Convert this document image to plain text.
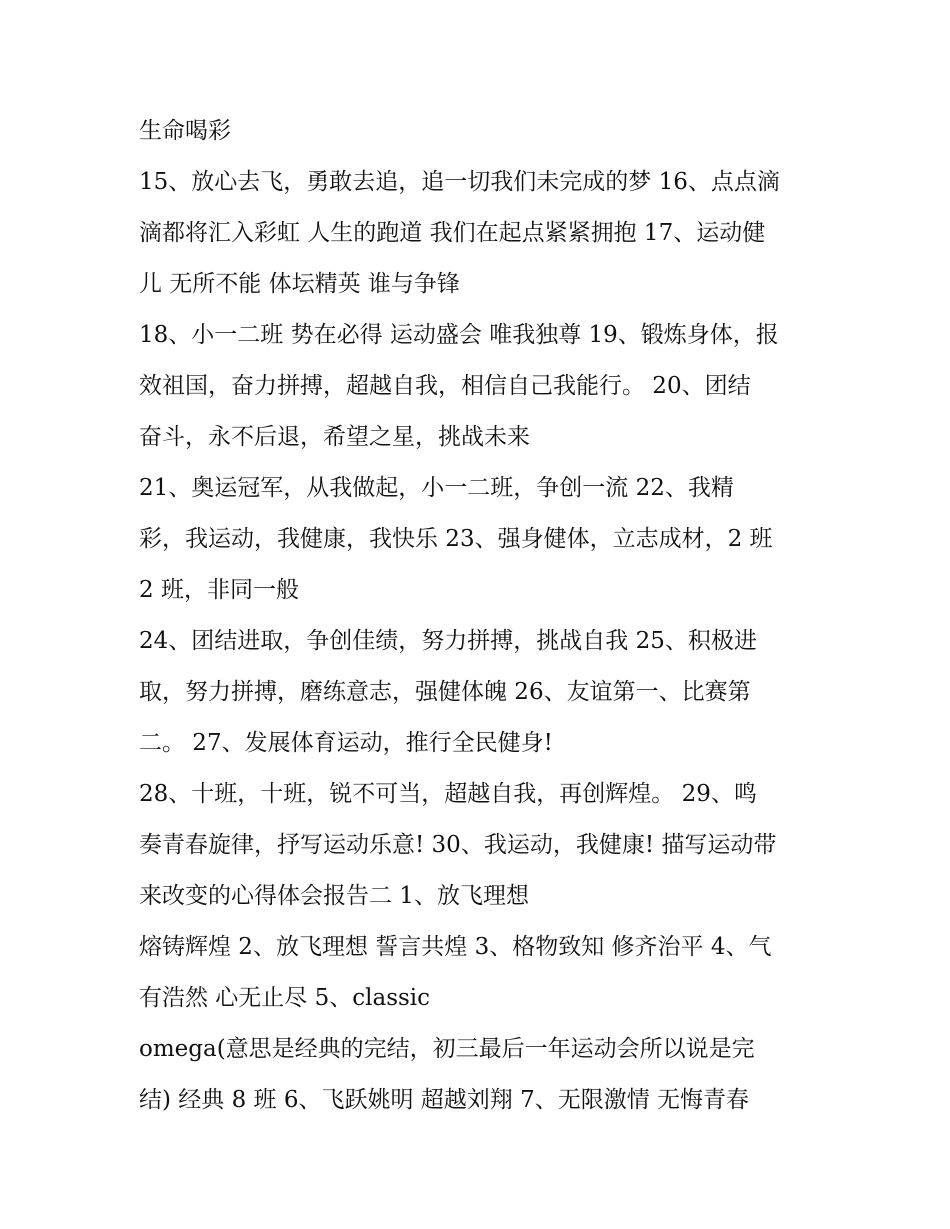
生命喝彩
15、放心去飞，勇敢去追，追一切我们未完成的梦 16、点点滴
滴都将汇入彩虹 人生的跑道 我们在起点紧紧拥抱 17、运动健
儿 无所不能 体坛精英 谁与争锋
18、小一二班 势在必得 运动盛会 唯我独尊 19、锻炼身体，报
效祖国，奋力拼搏，超越自我，相信自己我能行。 20、团结
奋斗，永不后退，希望之星，挑战未来
21、奥运冠军，从我做起，小一二班，争创一流 22、我精
彩，我运动，我健康，我快乐 23、强身健体，立志成材，2 班
2 班，非同一般
24、团结进取，争创佳绩，努力拼搏，挑战自我 25、积极进
取，努力拼搏，磨练意志，强健体魄 26、友谊第一、比赛第
二。 27、发展体育运动，推行全民健身!
28、十班，十班，锐不可当，超越自我，再创辉煌。 29、鸣
奏青春旋律，抒写运动乐意! 30、我运动，我健康! 描写运动带
来改变的心得体会报告二 1、放飞理想
熔铸辉煌 2、放飞理想 誓言共煌 3、格物致知 修齐治平 4、气
有浩然 心无止尽 5、classic
omega(意思是经典的完结，初三最后一年运动会所以说是完
结) 经典 8 班 6、飞跃姚明 超越刘翔 7、无限激情 无悔青春
